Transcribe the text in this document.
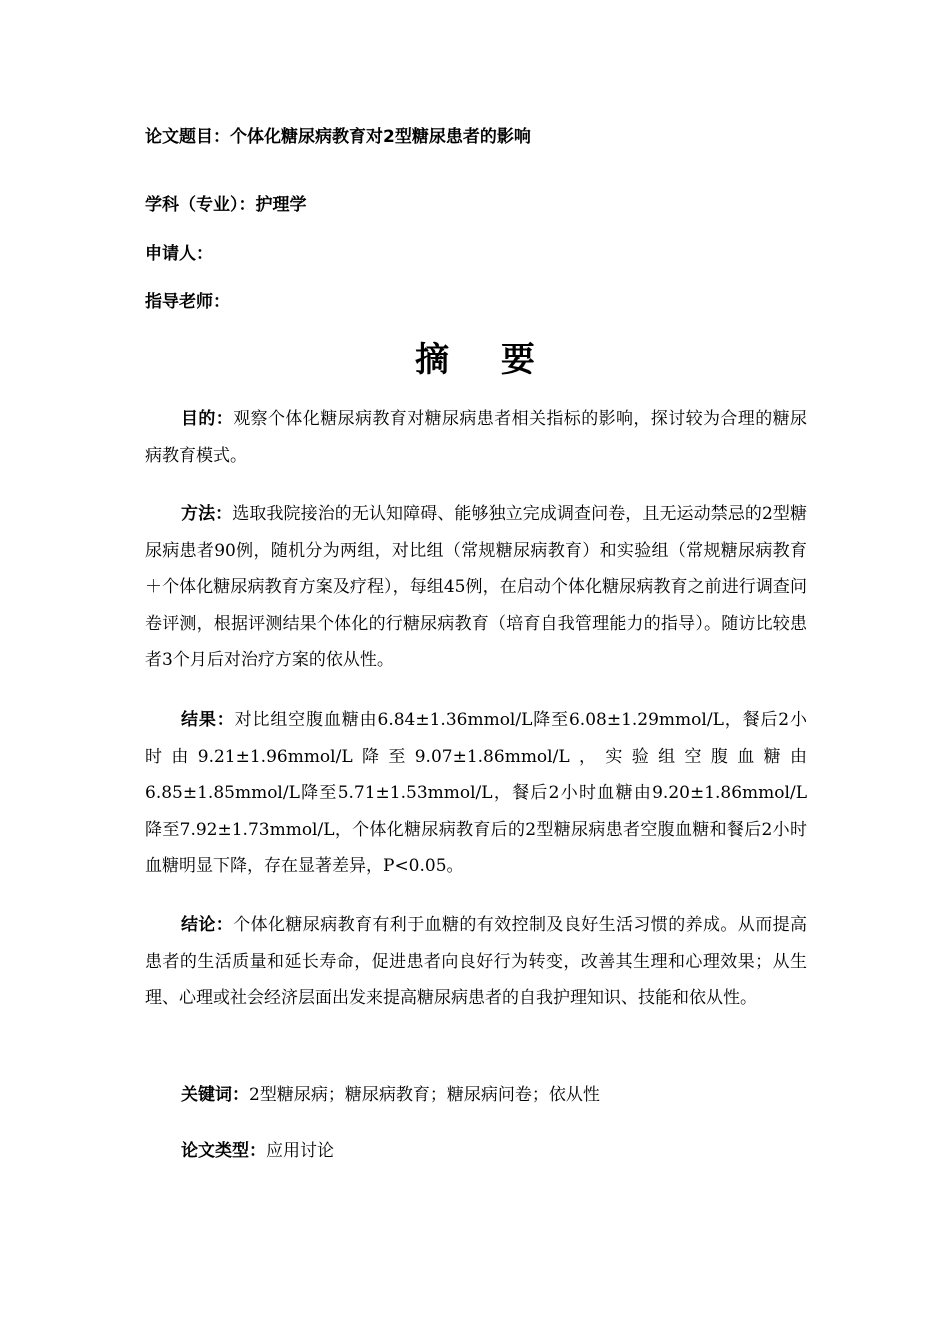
论文题目：个体化糖尿病教育对2型糖尿患者的影响
学科（专业）：护理学
申请人：
指导老师：
摘 要
目的：观察个体化糖尿病教育对糖尿病患者相关指标的影响，探讨较为合理的糖尿病教育模式。
方法：选取我院接治的无认知障碍、能够独立完成调查问卷，且无运动禁忌的2型糖尿病患者90例，随机分为两组，对比组（常规糖尿病教育）和实验组（常规糖尿病教育＋个体化糖尿病教育方案及疗程），每组45例，在启动个体化糖尿病教育之前进行调查问卷评测，根据评测结果个体化的行糖尿病教育（培育自我管理能力的指导）。随访比较患者3个月后对治疗方案的依从性。
结果：对比组空腹血糖由6.84±1.36mmol/L降至6.08±1.29mmol/L，餐后2小时由9.21±1.96mmol/L降至9.07±1.86mmol/L，实验组空腹血糖由6.85±1.85mmol/L降至5.71±1.53mmol/L，餐后2小时血糖由9.20±1.86mmol/L降至7.92±1.73mmol/L，个体化糖尿病教育后的2型糖尿病患者空腹血糖和餐后2小时血糖明显下降，存在显著差异，P<0.05。
结论：个体化糖尿病教育有利于血糖的有效控制及良好生活习惯的养成。从而提高患者的生活质量和延长寿命，促进患者向良好行为转变，改善其生理和心理效果；从生理、心理或社会经济层面出发来提高糖尿病患者的自我护理知识、技能和依从性。
关键词：2型糖尿病；糖尿病教育；糖尿病问卷；依从性
论文类型：应用讨论
